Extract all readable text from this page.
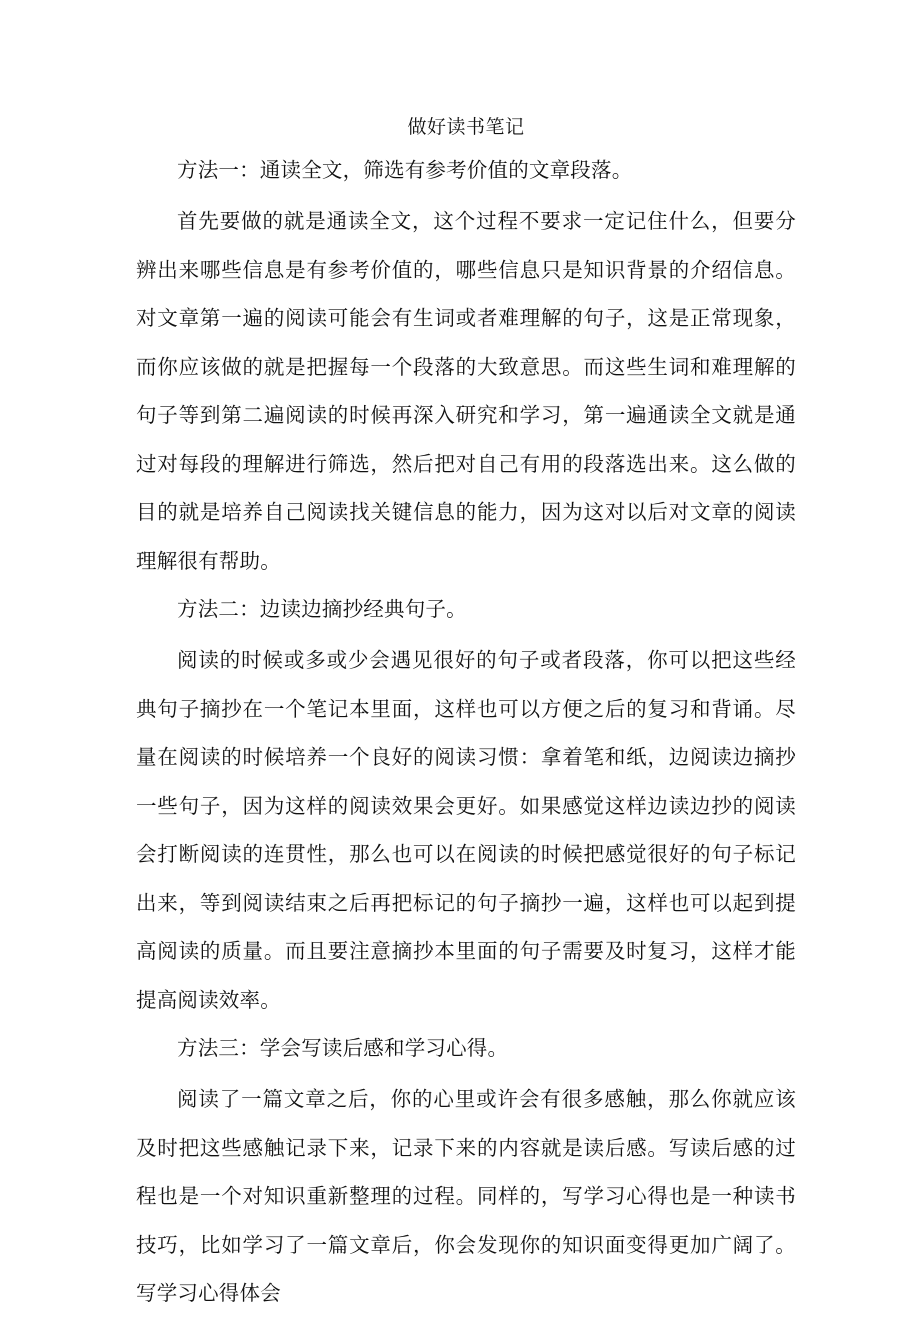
做好读书笔记

方法一：通读全文，筛选有参考价值的文章段落。

首先要做的就是通读全文，这个过程不要求一定记住什么，但要分辨出来哪些信息是有参考价值的，哪些信息只是知识背景的介绍信息。对文章第一遍的阅读可能会有生词或者难理解的句子，这是正常现象，而你应该做的就是把握每一个段落的大致意思。而这些生词和难理解的句子等到第二遍阅读的时候再深入研究和学习，第一遍通读全文就是通过对每段的理解进行筛选，然后把对自己有用的段落选出来。这么做的目的就是培养自己阅读找关键信息的能力，因为这对以后对文章的阅读理解很有帮助。

方法二：边读边摘抄经典句子。

阅读的时候或多或少会遇见很好的句子或者段落，你可以把这些经典句子摘抄在一个笔记本里面，这样也可以方便之后的复习和背诵。尽量在阅读的时候培养一个良好的阅读习惯：拿着笔和纸，边阅读边摘抄一些句子，因为这样的阅读效果会更好。如果感觉这样边读边抄的阅读会打断阅读的连贯性，那么也可以在阅读的时候把感觉很好的句子标记出来，等到阅读结束之后再把标记的句子摘抄一遍，这样也可以起到提高阅读的质量。而且要注意摘抄本里面的句子需要及时复习，这样才能提高阅读效率。

方法三：学会写读后感和学习心得。

阅读了一篇文章之后，你的心里或许会有很多感触，那么你就应该及时把这些感触记录下来，记录下来的内容就是读后感。写读后感的过程也是一个对知识重新整理的过程。同样的，写学习心得也是一种读书技巧，比如学习了一篇文章后，你会发现你的知识面变得更加广阔了。写学习心得体会
